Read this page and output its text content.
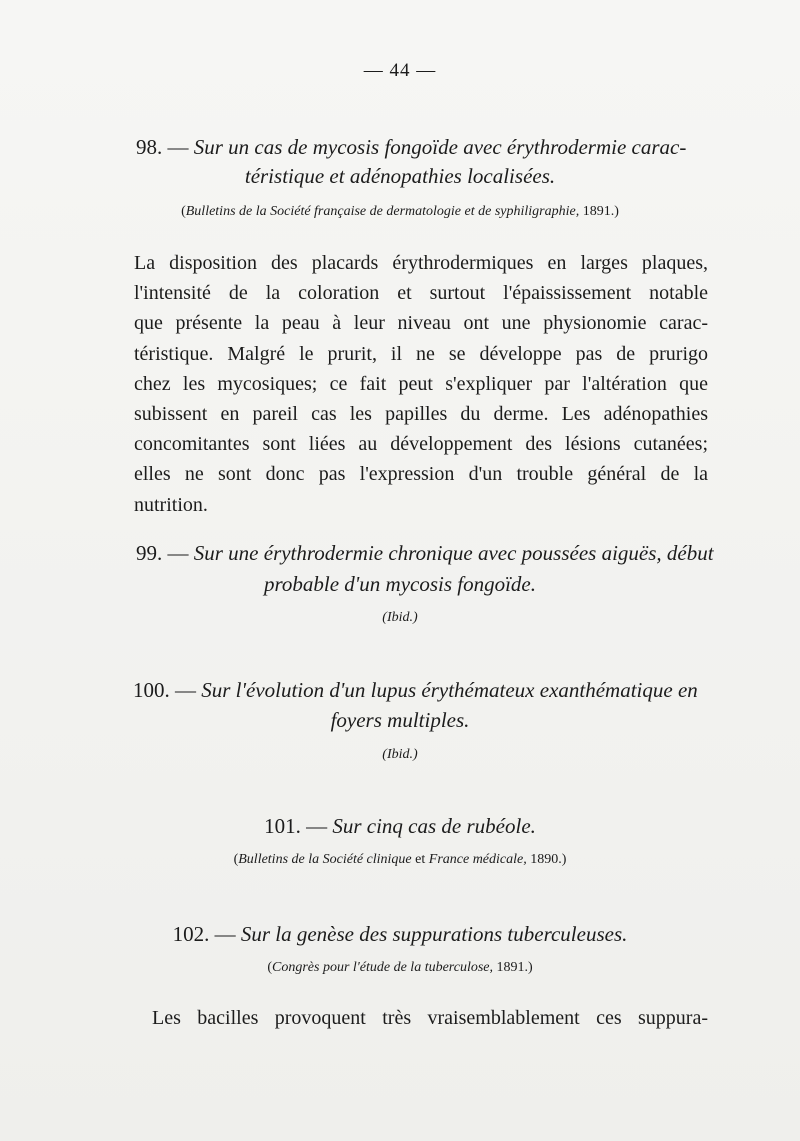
— 44 —
98. — Sur un cas de mycosis fongoïde avec érythrodermie carac-
téristique et adénopathies localisées.
(Bulletins de la Société française de dermatologie et de syphiligraphie, 1891.)
La disposition des placards érythrodermiques en larges plaques,
l'intensité de la coloration et surtout l'épaississement notable
que présente la peau à leur niveau ont une physionomie carac-
téristique. Malgré le prurit, il ne se développe pas de prurigo
chez les mycosiques; ce fait peut s'expliquer par l'altération que
subissent en pareil cas les papilles du derme. Les adénopathies
concomitantes sont liées au développement des lésions cutanées;
elles ne sont donc pas l'expression d'un trouble général de la
nutrition.
99. — Sur une érythrodermie chronique avec poussées aiguës, début
probable d'un mycosis fongoïde.
(Ibid.)
100. — Sur l'évolution d'un lupus érythémateux exanthématique en
foyers multiples.
(Ibid.)
101. — Sur cinq cas de rubéole.
(Bulletins de la Société clinique et France médicale, 1890.)
102. — Sur la genèse des suppurations tuberculeuses.
(Congrès pour l'étude de la tuberculose, 1891.)
Les bacilles provoquent très vraisemblablement ces suppura-
